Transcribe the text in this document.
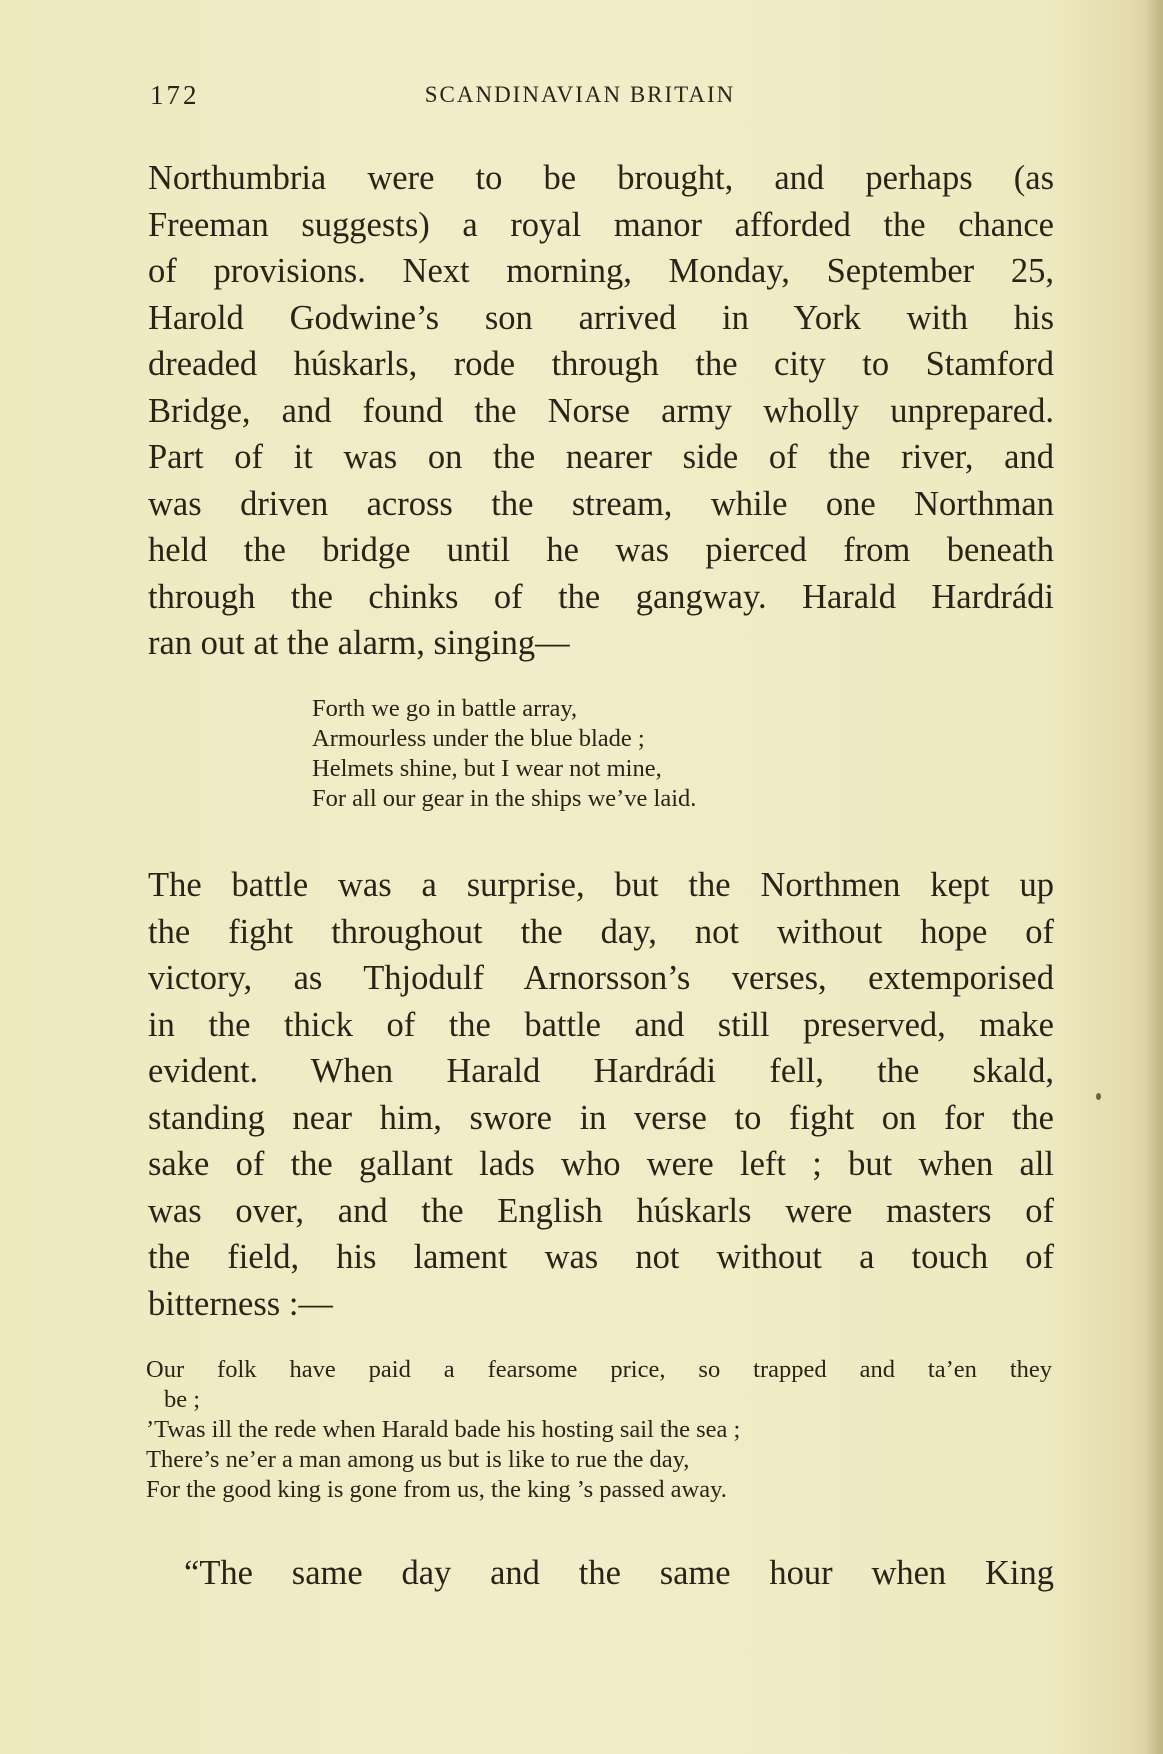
172	SCANDINAVIAN BRITAIN
Northumbria were to be brought, and perhaps (as
Freeman suggests) a royal manor afforded the chance
of provisions. Next morning, Monday, September 25,
Harold Godwine’s son arrived in York with his
dreaded húskarls, rode through the city to Stamford
Bridge, and found the Norse army wholly unprepared.
Part of it was on the nearer side of the river, and
was driven across the stream, while one Northman
held the bridge until he was pierced from beneath
through the chinks of the gangway. Harald Hardrádi
ran out at the alarm, singing—
Forth we go in battle array,
Armourless under the blue blade ;
Helmets shine, but I wear not mine,
For all our gear in the ships we’ve laid.
The battle was a surprise, but the Northmen kept up
the fight throughout the day, not without hope of
victory, as Thjodulf Arnorsson’s verses, extemporised
in the thick of the battle and still preserved, make
evident. When Harald Hardrádi fell, the skald,
standing near him, swore in verse to fight on for the
sake of the gallant lads who were left ; but when all
was over, and the English húskarls were masters of
the field, his lament was not without a touch of
bitterness :—
Our folk have paid a fearsome price, so trapped and ta’en they
be ;
’Twas ill the rede when Harald bade his hosting sail the sea ;
There’s ne’er a man among us but is like to rue the day,
For the good king is gone from us, the king ’s passed away.
“The same day and the same hour when King
